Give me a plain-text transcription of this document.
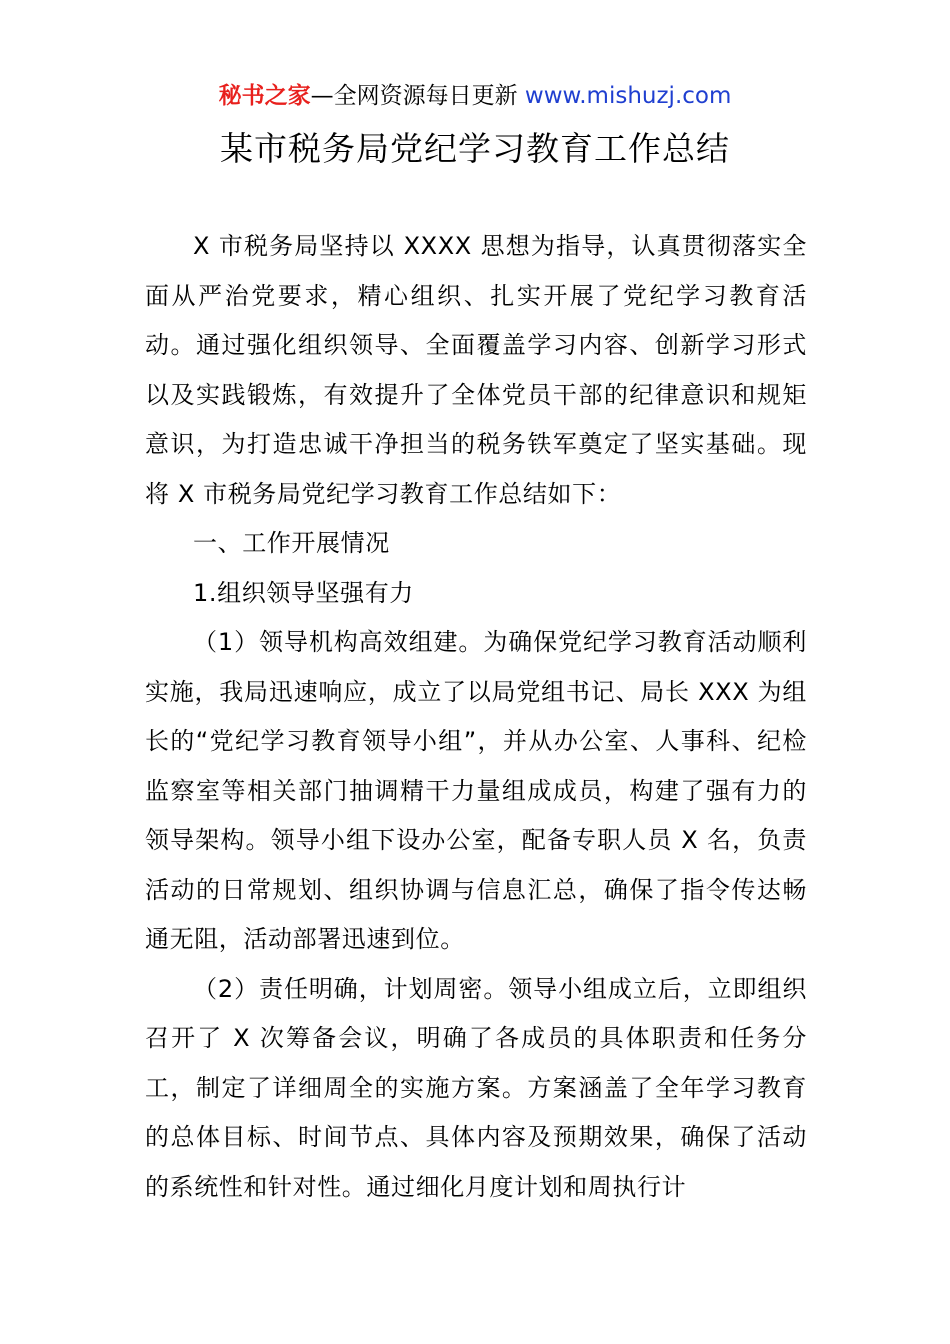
秘书之家—全网资源每日更新 www.mishuzj.com
某市税务局党纪学习教育工作总结

X 市税务局坚持以 XXXX 思想为指导，认真贯彻落实全面从严治党要求，精心组织、扎实开展了党纪学习教育活动。通过强化组织领导、全面覆盖学习内容、创新学习形式以及实践锻炼，有效提升了全体党员干部的纪律意识和规矩意识，为打造忠诚干净担当的税务铁军奠定了坚实基础。现将 X 市税务局党纪学习教育工作总结如下：

一、工作开展情况

1.组织领导坚强有力

（1）领导机构高效组建。为确保党纪学习教育活动顺利实施，我局迅速响应，成立了以局党组书记、局长 XXX 为组长的“党纪学习教育领导小组”，并从办公室、人事科、纪检监察室等相关部门抽调精干力量组成成员，构建了强有力的领导架构。领导小组下设办公室，配备专职人员 X 名，负责活动的日常规划、组织协调与信息汇总，确保了指令传达畅通无阻，活动部署迅速到位。

（2）责任明确，计划周密。领导小组成立后，立即组织召开了 X 次筹备会议，明确了各成员的具体职责和任务分工，制定了详细周全的实施方案。方案涵盖了全年学习教育的总体目标、时间节点、具体内容及预期效果，确保了活动的系统性和针对性。通过细化月度计划和周执行计
